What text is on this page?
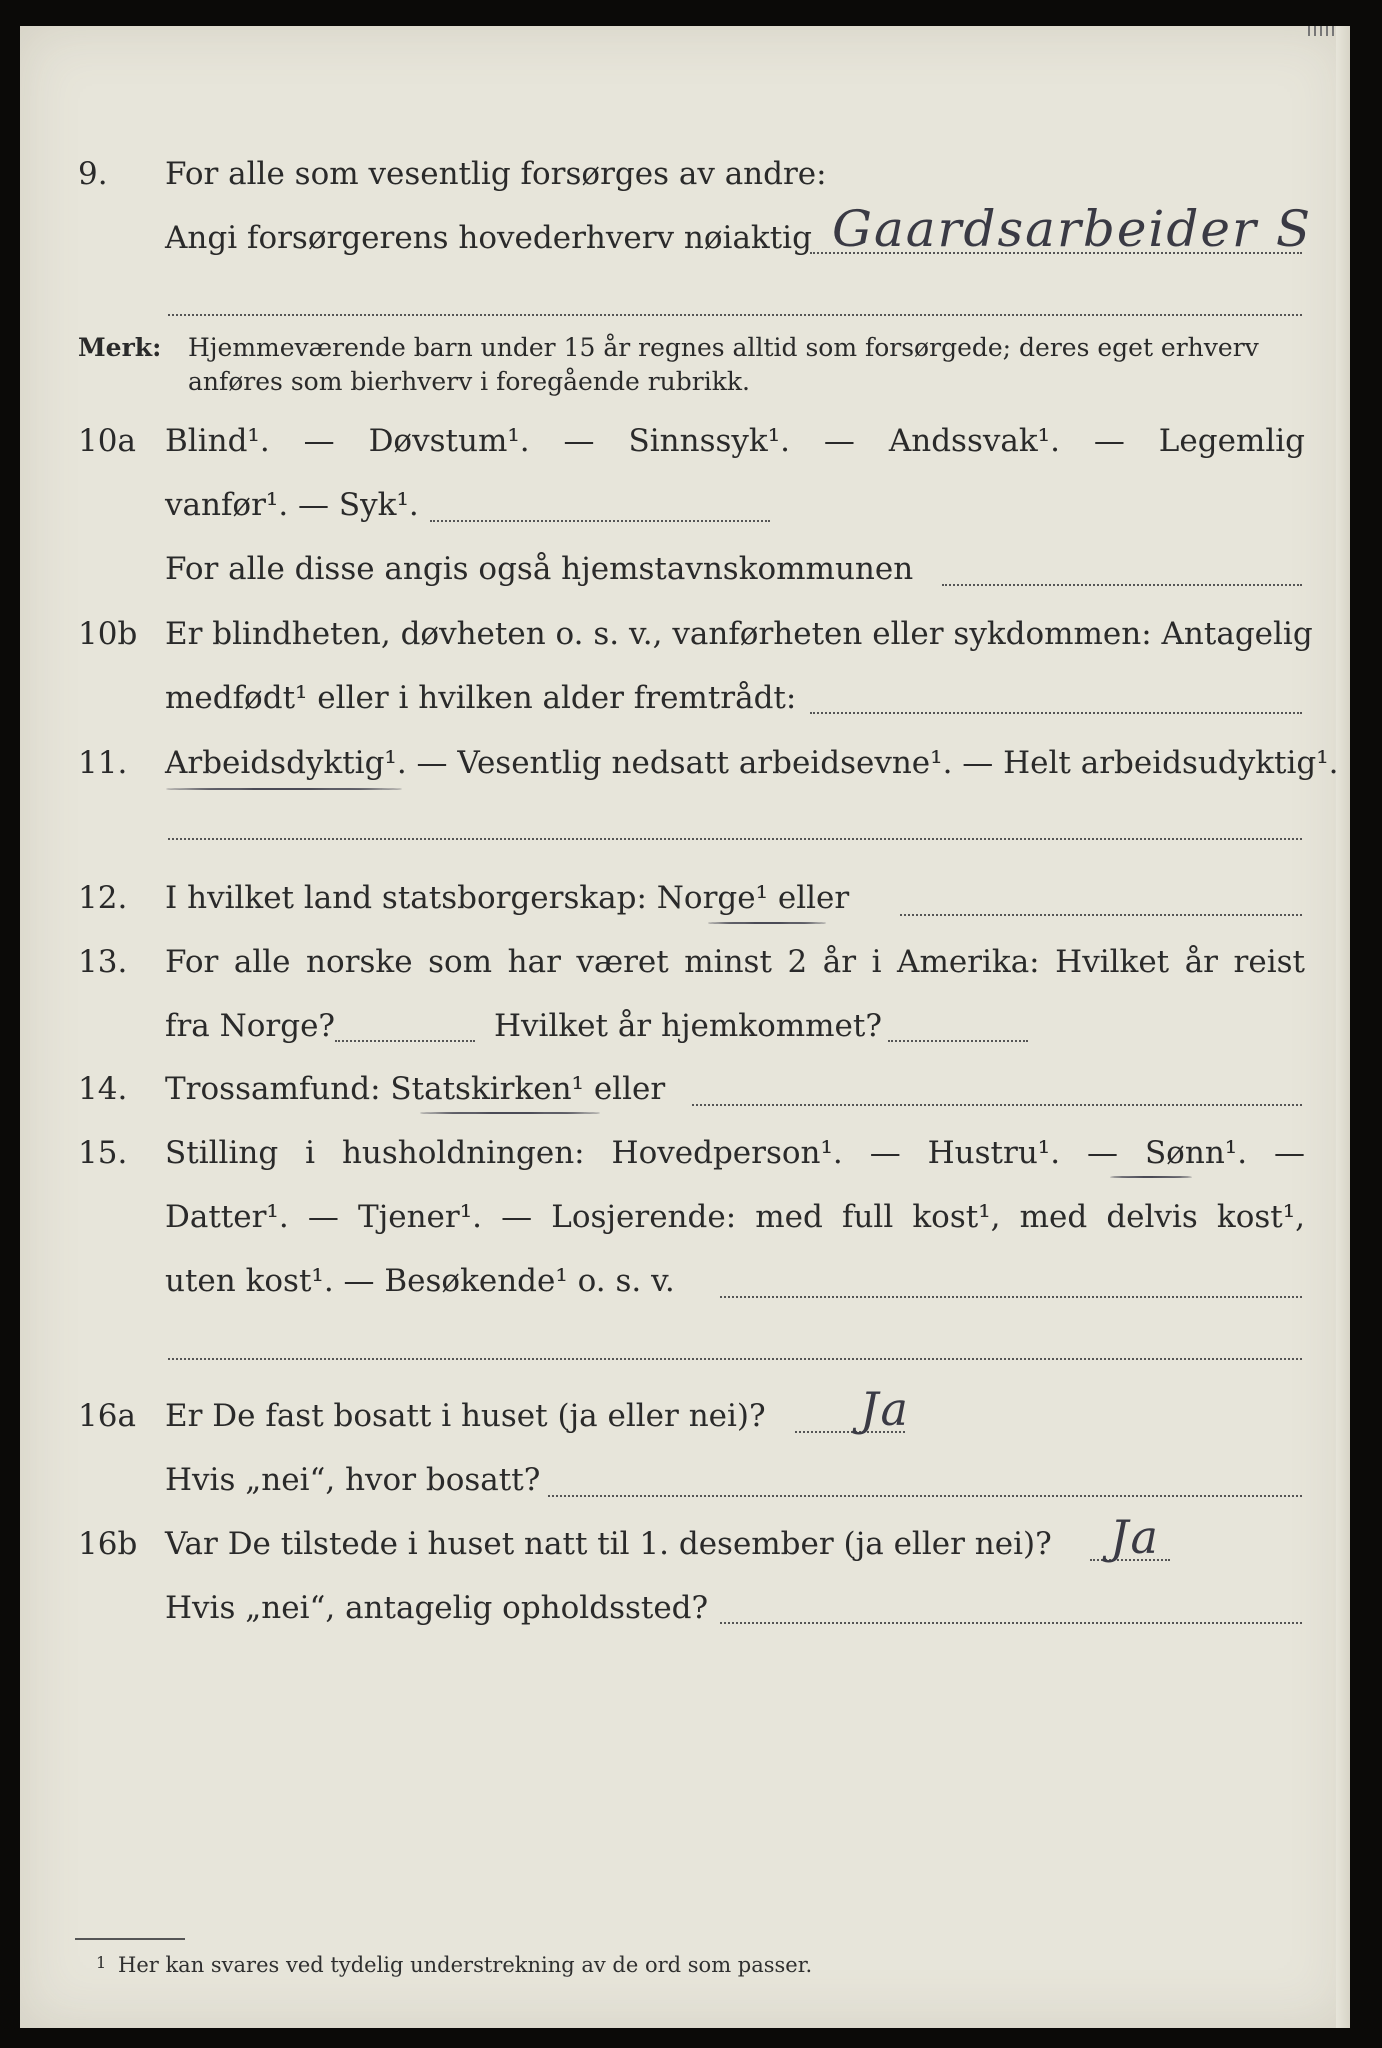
9. For alle som vesentlig forsørges av andre:
Angi forsørgerens hovederhverv nøiaktig Gaardsarbeider S
Merk: Hjemmeværende barn under 15 år regnes alltid som forsørgede; deres eget erhverv
anføres som bierhverv i foregående rubrikk.
10a Blind¹. — Døvstum¹. — Sinnssyk¹. — Andssvak¹. — Legemlig
vanfør¹. — Syk¹.
For alle disse angis også hjemstavnskommunen
10b Er blindheten, døvheten o. s. v., vanførheten eller sykdommen: Antagelig
medfødt¹ eller i hvilken alder fremtrådt:
11. Arbeidsdyktig¹. — Vesentlig nedsatt arbeidsevne¹. — Helt arbeidsudyktig¹.
12. I hvilket land statsborgerskap: Norge¹ eller
13. For alle norske som har været minst 2 år i Amerika: Hvilket år reist
fra Norge?	Hvilket år hjemkommet?
14. Trossamfund: Statskirken¹ eller
15. Stilling i husholdningen: Hovedperson¹. — Hustru¹. — Sønn¹. —
Datter¹. — Tjener¹. — Losjerende: med full kost¹, med delvis kost¹,
uten kost¹. — Besøkende¹ o. s. v.
16a Er De fast bosatt i huset (ja eller nei)? Ja
Hvis „nei“, hvor bosatt?
16b Var De tilstede i huset natt til 1. desember (ja eller nei)? Ja
Hvis „nei“, antagelig opholdssted?
1 Her kan svares ved tydelig understrekning av de ord som passer.
